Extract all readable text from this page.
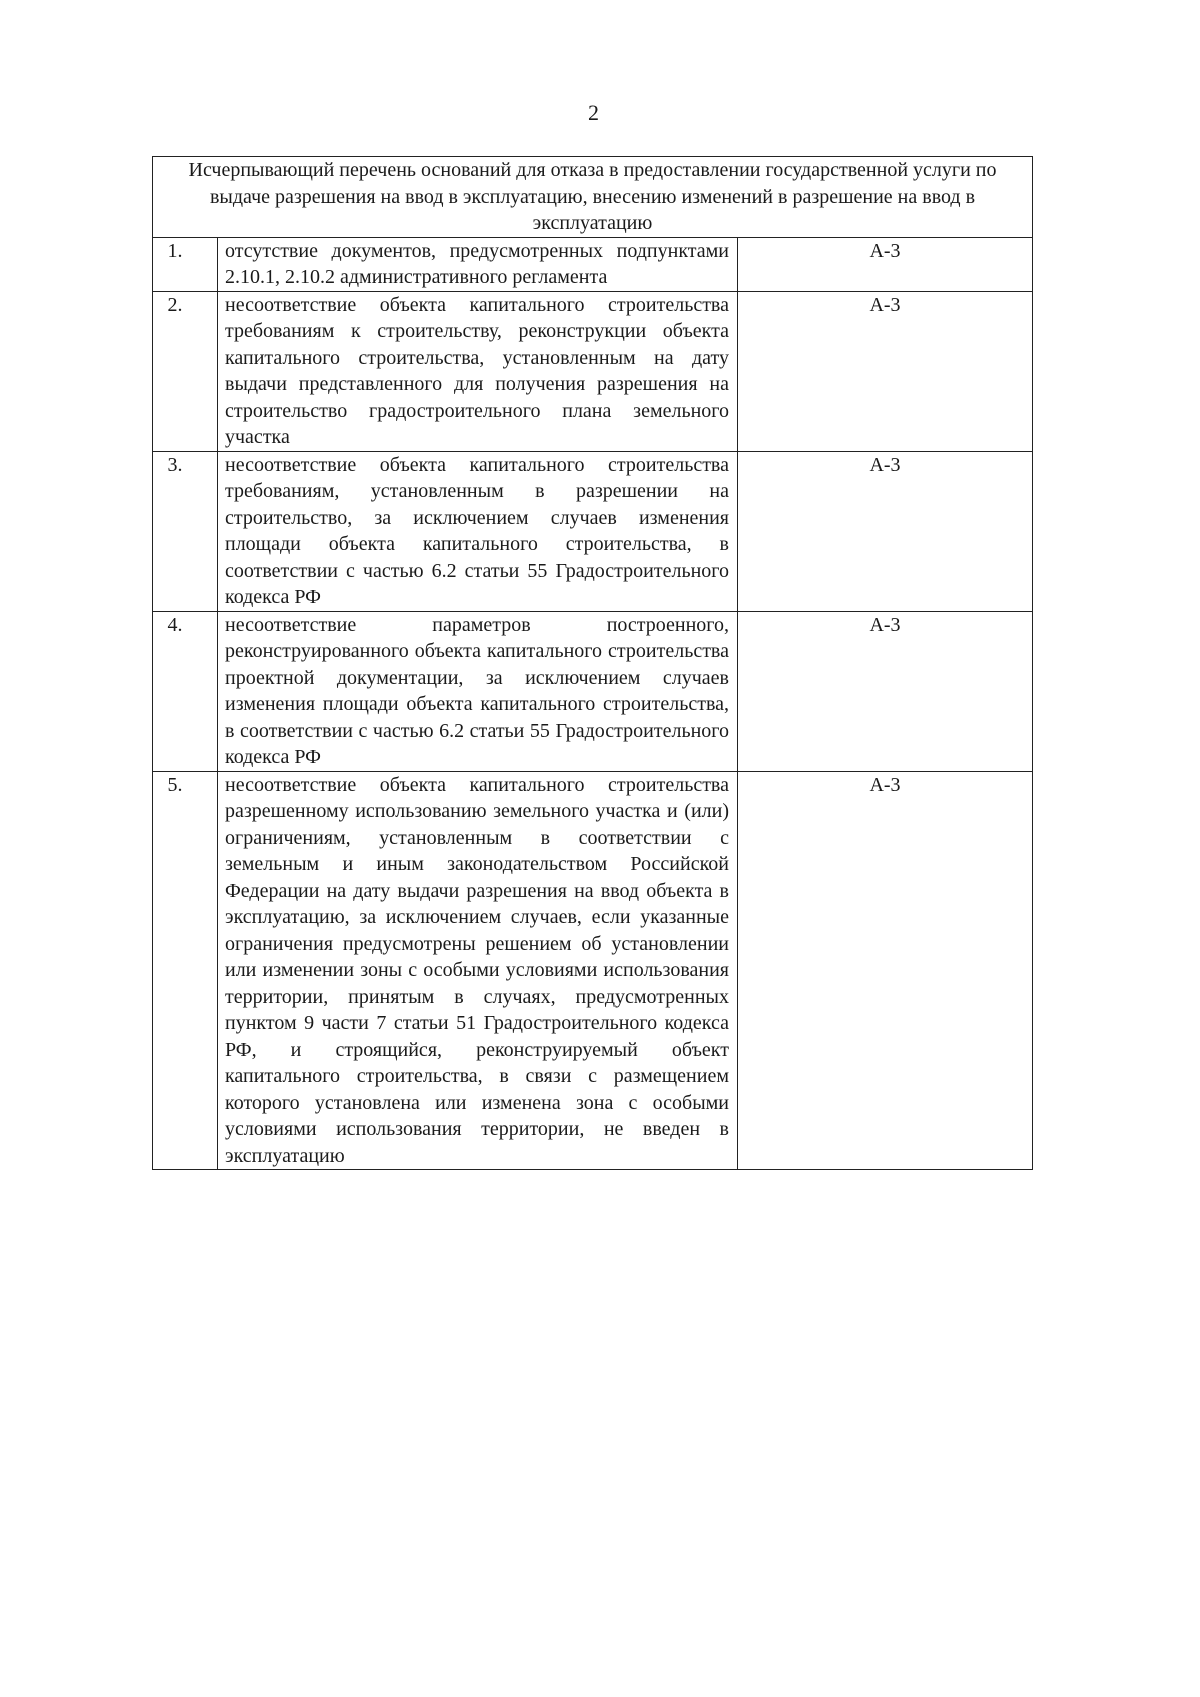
2
Исчерпывающий перечень оснований для отказа в предоставлении государственной услуги по выдаче разрешения на ввод в эксплуатацию, внесению изменений в разрешение на ввод в эксплуатацию		
1.	отсутствие документов, предусмотренных подпунктами 2.10.1, 2.10.2 административного регламента	А-3
2.	несоответствие объекта капитального строительства требованиям к строительству, реконструкции объекта капитального строительства, установленным на дату выдачи представленного для получения разрешения на строительство градостроительного плана земельного участка	А-3
3.	несоответствие объекта капитального строительства требованиям, установленным в разрешении на строительство, за исключением случаев изменения площади объекта капитального строительства, в соответствии с частью 6.2 статьи 55 Градостроительного кодекса РФ	А-3
4.	несоответствие параметров построенного, реконструированного объекта капитального строительства проектной документации, за исключением случаев изменения площади объекта капитального строительства, в соответствии с частью 6.2 статьи 55 Градостроительного кодекса РФ	А-3
5.	несоответствие объекта капитального строительства разрешенному использованию земельного участка и (или) ограничениям, установленным в соответствии с земельным и иным законодательством Российской Федерации на дату выдачи разрешения на ввод объекта в эксплуатацию, за исключением случаев, если указанные ограничения предусмотрены решением об установлении или изменении зоны с особыми условиями использования территории, принятым в случаях, предусмотренных пунктом 9 части 7 статьи 51 Градостроительного кодекса РФ, и строящийся, реконструируемый объект капитального строительства, в связи с размещением которого установлена или изменена зона с особыми условиями использования территории, не введен в эксплуатацию	А-3
